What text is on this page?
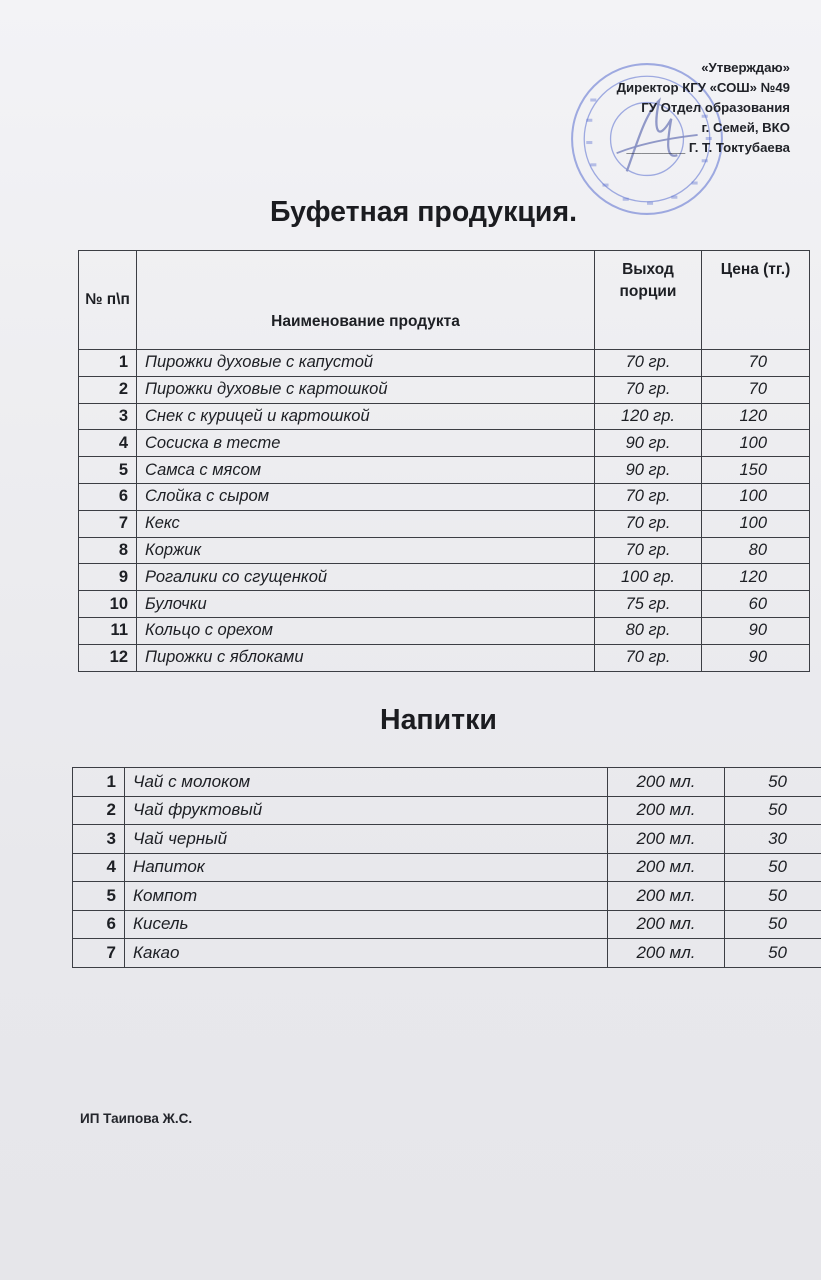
«Утверждаю»
Директор КГУ «СОШ» №49
ГУ Отдел образования
г. Семей, ВКО
________ Г. Т. Токтубаева
Буфетная продукция.
№ п\п	Наименование продукта	Выход порции	Цена (тг.)
1	Пирожки духовые с капустой	70 гр.	70
2	Пирожки духовые с картошкой	70 гр.	70
3	Снек с курицей и картошкой	120 гр.	120
4	Сосиска в тесте	90 гр.	100
5	Самса с мясом	90 гр.	150
6	Слойка с сыром	70 гр.	100
7	Кекс	70 гр.	100
8	Коржик	70 гр.	80
9	Рогалики со сгущенкой	100 гр.	120
10	Булочки	75 гр.	60
11	Кольцо с орехом	80 гр.	90
12	Пирожки с яблоками	70 гр.	90
Напитки
1	Чай с молоком	200 мл.	50
2	Чай фруктовый	200 мл.	50
3	Чай черный	200 мл.	30
4	Напиток	200 мл.	50
5	Компот	200 мл.	50
6	Кисель	200 мл.	50
7	Какао	200 мл.	50
ИП Таипова Ж.С.
